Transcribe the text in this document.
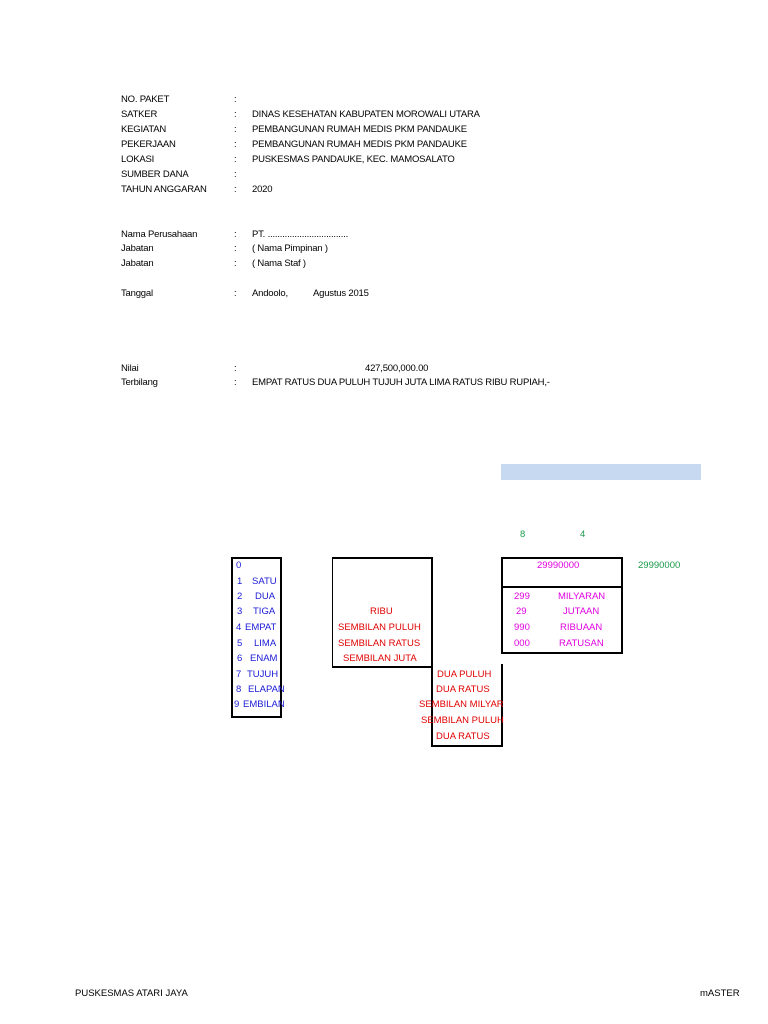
NO. PAKET	:
SATKER	: DINAS KESEHATAN KABUPATEN MOROWALI UTARA
KEGIATAN	: PEMBANGUNAN RUMAH MEDIS PKM PANDAUKE
PEKERJAAN	: PEMBANGUNAN RUMAH MEDIS PKM PANDAUKE
LOKASI	: PUSKESMAS PANDAUKE, KEC. MAMOSALATO
SUMBER DANA	:
TAHUN ANGGARAN	: 2020
Nama Perusahaan	: PT. .................................
Jabatan	: ( Nama Pimpinan )
Jabatan	: ( Nama Staf )
Tanggal	: Andoolo,	Agustus 2015
Nilai	:	427,500,000.00
Terbilang	: EMPAT RATUS DUA PULUH TUJUH JUTA LIMA RATUS RIBU RUPIAH,-
8	4
0
1 SATU
2 DUA
3 TIGA
4 EMPAT
5 LIMA
6 ENAM
7 TUJUH
8 ELAPAN
9 EMBILAN
RIBU
SEMBILAN PULUH
SEMBILAN RATUS
SEMBILAN JUTA
DUA PULUH
DUA RATUS
SEMBILAN MILYAR
SEMBILAN PULUH
DUA RATUS
29990000	29990000
299	MILYARAN
29	JUTAAN
990	RIBUAAN
000	RATUSAN
PUSKESMAS ATARI JAYA	mASTER
